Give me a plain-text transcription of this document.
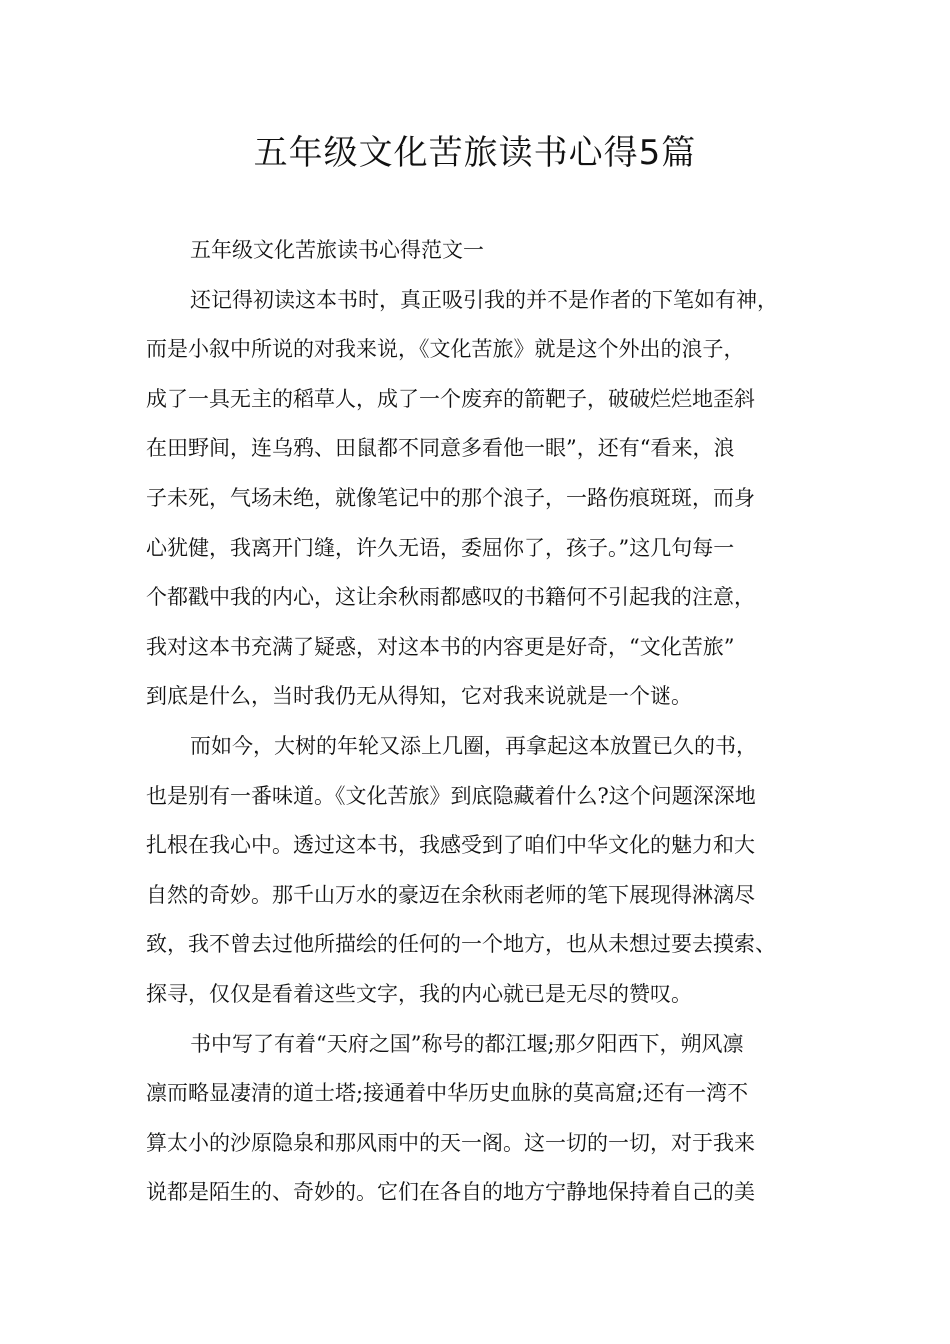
五年级文化苦旅读书心得5篇
五年级文化苦旅读书心得范文一
还记得初读这本书时，真正吸引我的并不是作者的下笔如有神，
而是小叙中所说的对我来说，《文化苦旅》就是这个外出的浪子，
成了一具无主的稻草人，成了一个废弃的箭靶子，破破烂烂地歪斜
在田野间，连乌鸦、田鼠都不同意多看他一眼”，还有“看来，浪
子未死，气场未绝，就像笔记中的那个浪子，一路伤痕斑斑，而身
心犹健，我离开门缝，许久无语，委屈你了，孩子。”这几句每一
个都戳中我的内心，这让余秋雨都感叹的书籍何不引起我的注意，
我对这本书充满了疑惑，对这本书的内容更是好奇，“文化苦旅”
到底是什么，当时我仍无从得知，它对我来说就是一个谜。
而如今，大树的年轮又添上几圈，再拿起这本放置已久的书，
也是别有一番味道。《文化苦旅》到底隐藏着什么?这个问题深深地
扎根在我心中。透过这本书，我感受到了咱们中华文化的魅力和大
自然的奇妙。那千山万水的豪迈在余秋雨老师的笔下展现得淋漓尽
致，我不曾去过他所描绘的任何的一个地方，也从未想过要去摸索、
探寻，仅仅是看着这些文字，我的内心就已是无尽的赞叹。
书中写了有着“天府之国”称号的都江堰;那夕阳西下，朔风凛
凛而略显凄清的道士塔;接通着中华历史血脉的莫高窟;还有一湾不
算太小的沙原隐泉和那风雨中的天一阁。这一切的一切，对于我来
说都是陌生的、奇妙的。它们在各自的地方宁静地保持着自己的美
